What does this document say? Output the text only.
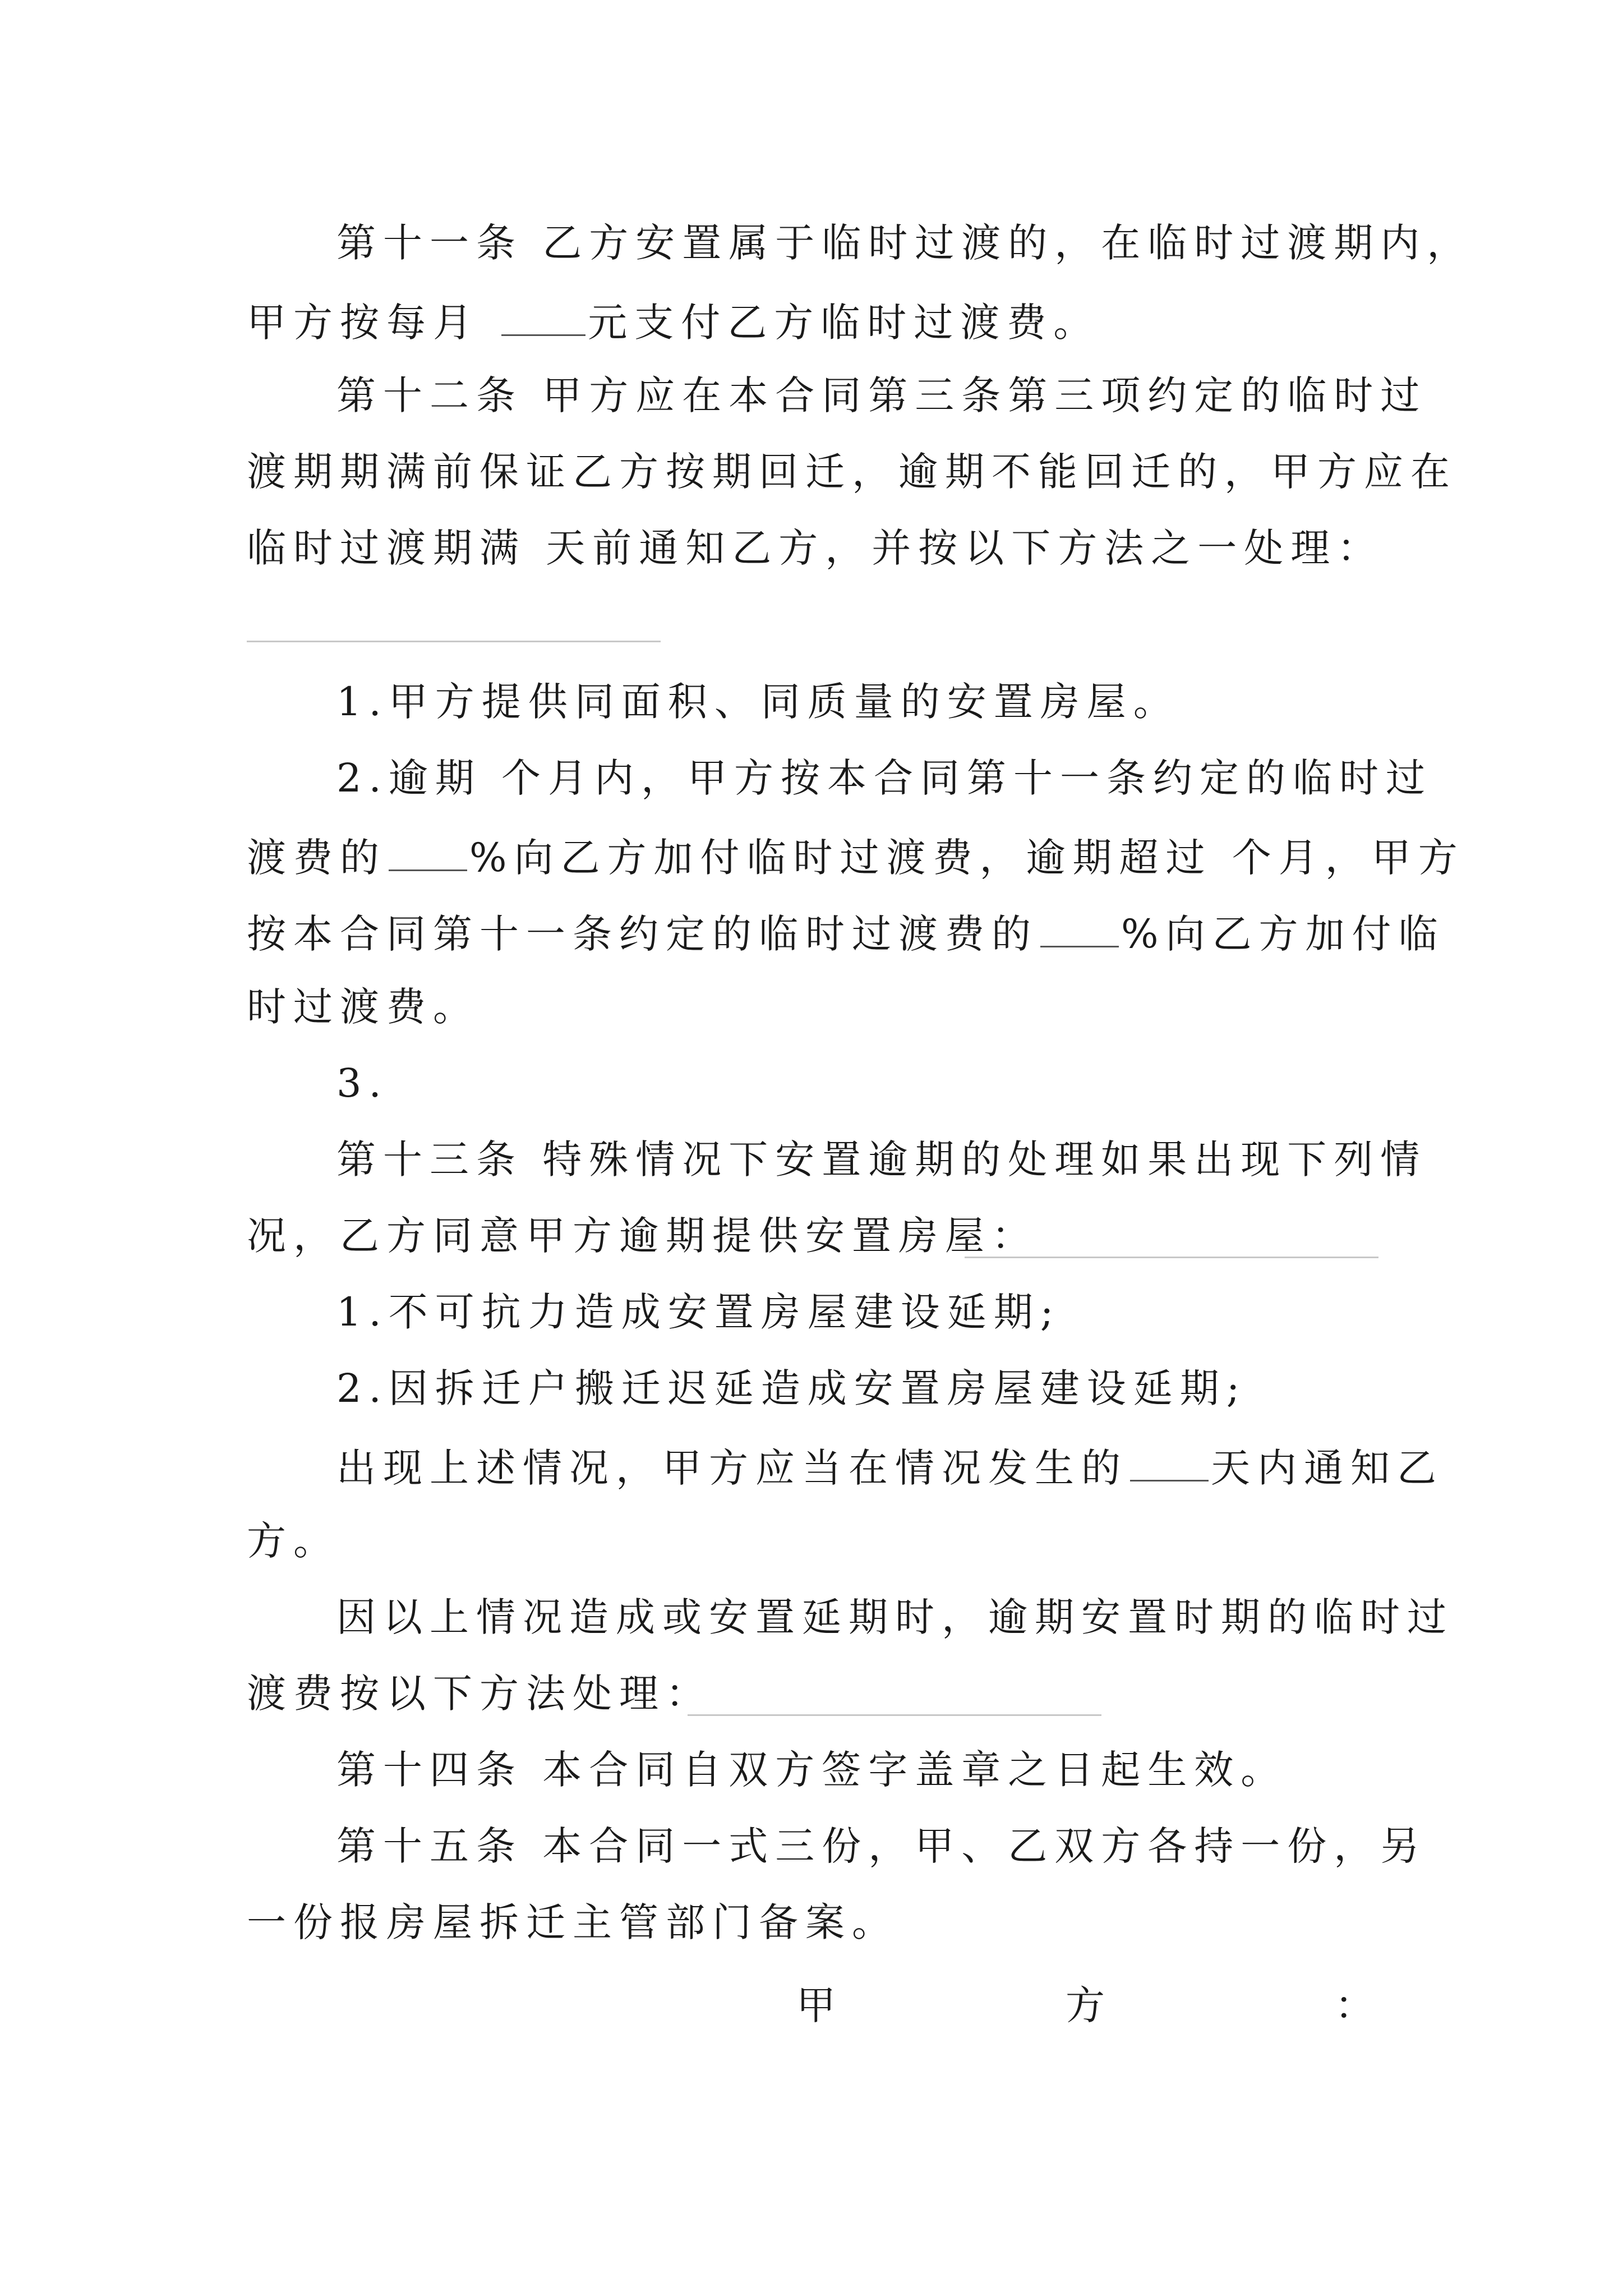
第十一条 乙方安置属于临时过渡的，在临时过渡期内，
甲方按每月 元支付乙方临时过渡费。
第十二条 甲方应在本合同第三条第三项约定的临时过
渡期期满前保证乙方按期回迁，逾期不能回迁的，甲方应在
临时过渡期满 天前通知乙方，并按以下方法之一处理：
1.甲方提供同面积、同质量的安置房屋。
2.逾期 个月内，甲方按本合同第十一条约定的临时过
渡费的 %向乙方加付临时过渡费，逾期超过 个月，甲方
按本合同第十一条约定的临时过渡费的 %向乙方加付临
时过渡费。
3.
第十三条 特殊情况下安置逾期的处理如果出现下列情
况，乙方同意甲方逾期提供安置房屋：
1.不可抗力造成安置房屋建设延期;
2.因拆迁户搬迁迟延造成安置房屋建设延期;
出现上述情况，甲方应当在情况发生的 天内通知乙
方。
因以上情况造成或安置延期时，逾期安置时期的临时过
渡费按以下方法处理：
第十四条 本合同自双方签字盖章之日起生效。
第十五条 本合同一式三份，甲、乙双方各持一份，另
一份报房屋拆迁主管部门备案。
甲	方	：
